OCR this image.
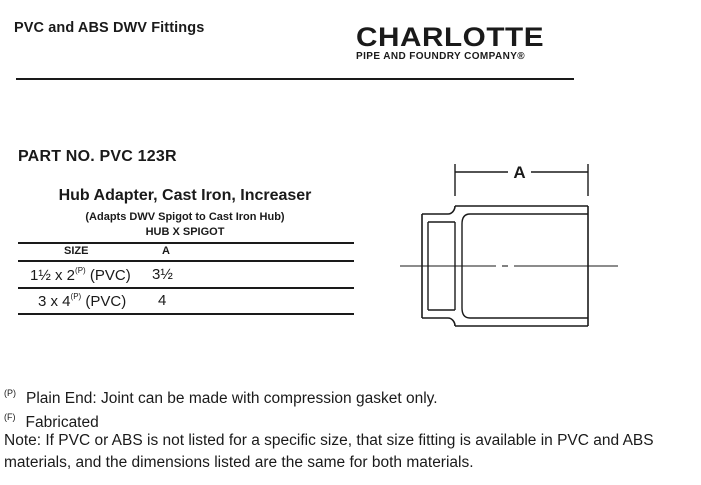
PVC and ABS DWV Fittings	CHARLOTTE
PIPE AND FOUNDRY COMPANY®
PART NO. PVC 123R
Hub Adapter, Cast Iron, Increaser
(Adapts DWV Spigot to Cast Iron Hub)
HUB X SPIGOT
SIZE	A
1½ x $2^{(P)}$ (PVC) 3½
3 x $4^{(P)}$ (PVC) 4
A
$^{(P)}$ Plain End: Joint can be made with compression gasket only.
$^{(F)}$ Fabricated
Note: If PVC or ABS is not listed for a specific size, that size fitting is available in PVC and ABS materials, and the dimensions listed are the same for both materials.
